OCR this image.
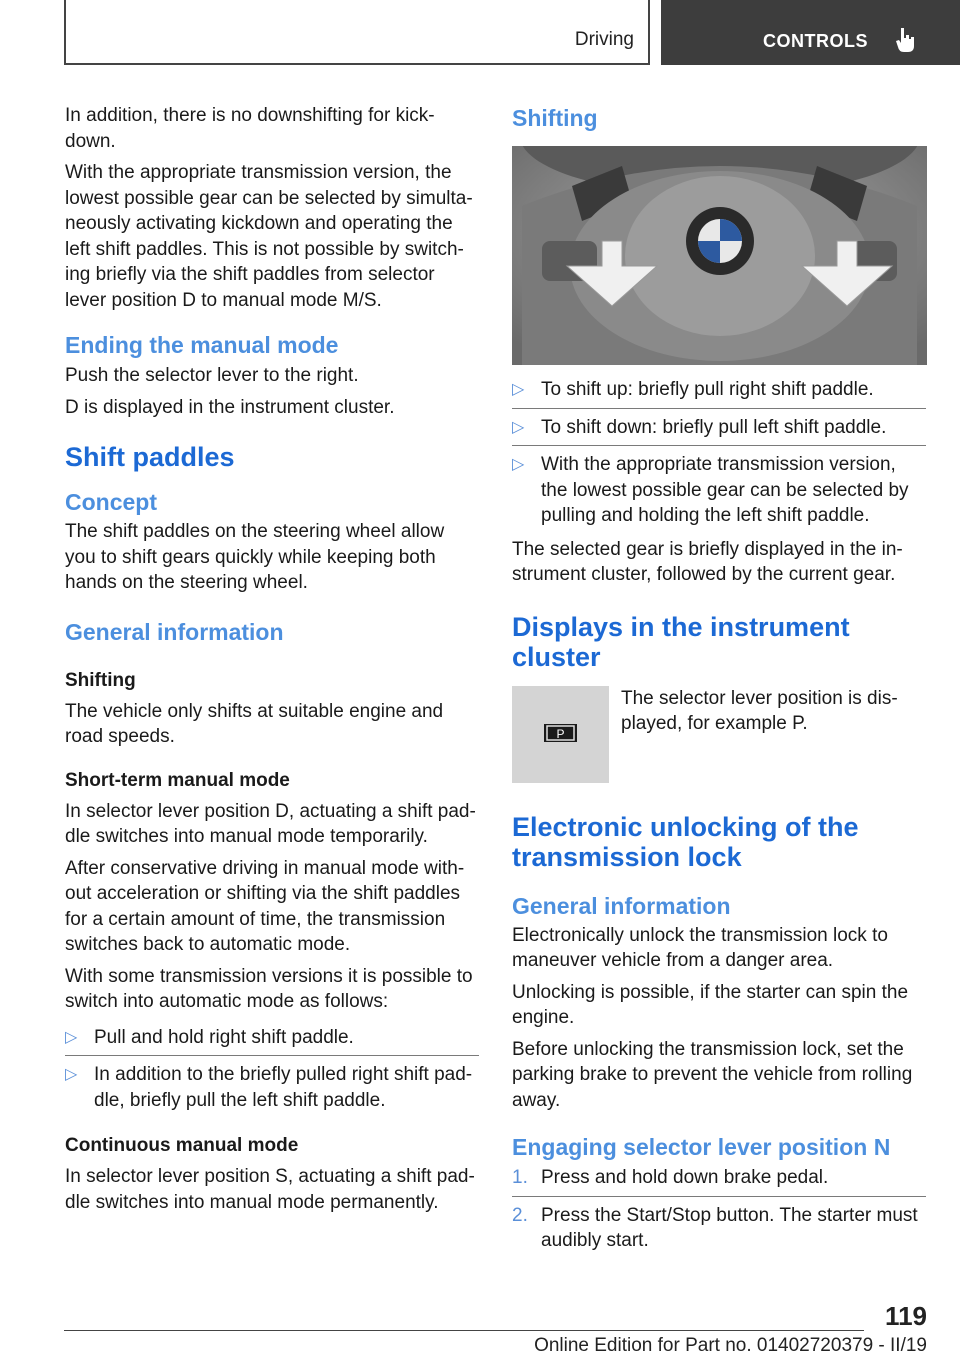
Driving	CONTROLS

In addition, there is no downshifting for kick-down.

With the appropriate transmission version, the lowest possible gear can be selected by simulta-neously activating kickdown and operating the left shift paddles. This is not possible by switch-ing briefly via the shift paddles from selector lever position D to manual mode M/S.

Ending the manual mode

Push the selector lever to the right.

D is displayed in the instrument cluster.

Shift paddles
Concept

The shift paddles on the steering wheel allow you to shift gears quickly while keeping both hands on the steering wheel.

General information
Shifting

The vehicle only shifts at suitable engine and road speeds.

Short-term manual mode

In selector lever position D, actuating a shift pad-dle switches into manual mode temporarily.

After conservative driving in manual mode with-out acceleration or shifting via the shift paddles for a certain amount of time, the transmission switches back to automatic mode.

With some transmission versions it is possible to switch into automatic mode as follows:

▷ Pull and hold right shift paddle.
▷ In addition to the briefly pulled right shift pad-dle, briefly pull the left shift paddle.
Continuous manual mode

In selector lever position S, actuating a shift pad-dle switches into manual mode permanently.

Shifting
▷ To shift up: briefly pull right shift paddle.
▷ To shift down: briefly pull left shift paddle.
▷ With the appropriate transmission version, the lowest possible gear can be selected by pulling and holding the left shift paddle.

The selected gear is briefly displayed in the in-strument cluster, followed by the current gear.

Displays in the instrument cluster
P

The selector lever position is dis-played, for example P.

Electronic unlocking of the transmission lock
General information

Electronically unlock the transmission lock to maneuver vehicle from a danger area.

Unlocking is possible, if the starter can spin the engine.

Before unlocking the transmission lock, set the parking brake to prevent the vehicle from rolling away.

Engaging selector lever position N
1. Press and hold down brake pedal.
2. Press the Start/Stop button. The starter must audibly start.
119
Online Edition for Part no. 01402720379 - II/19
